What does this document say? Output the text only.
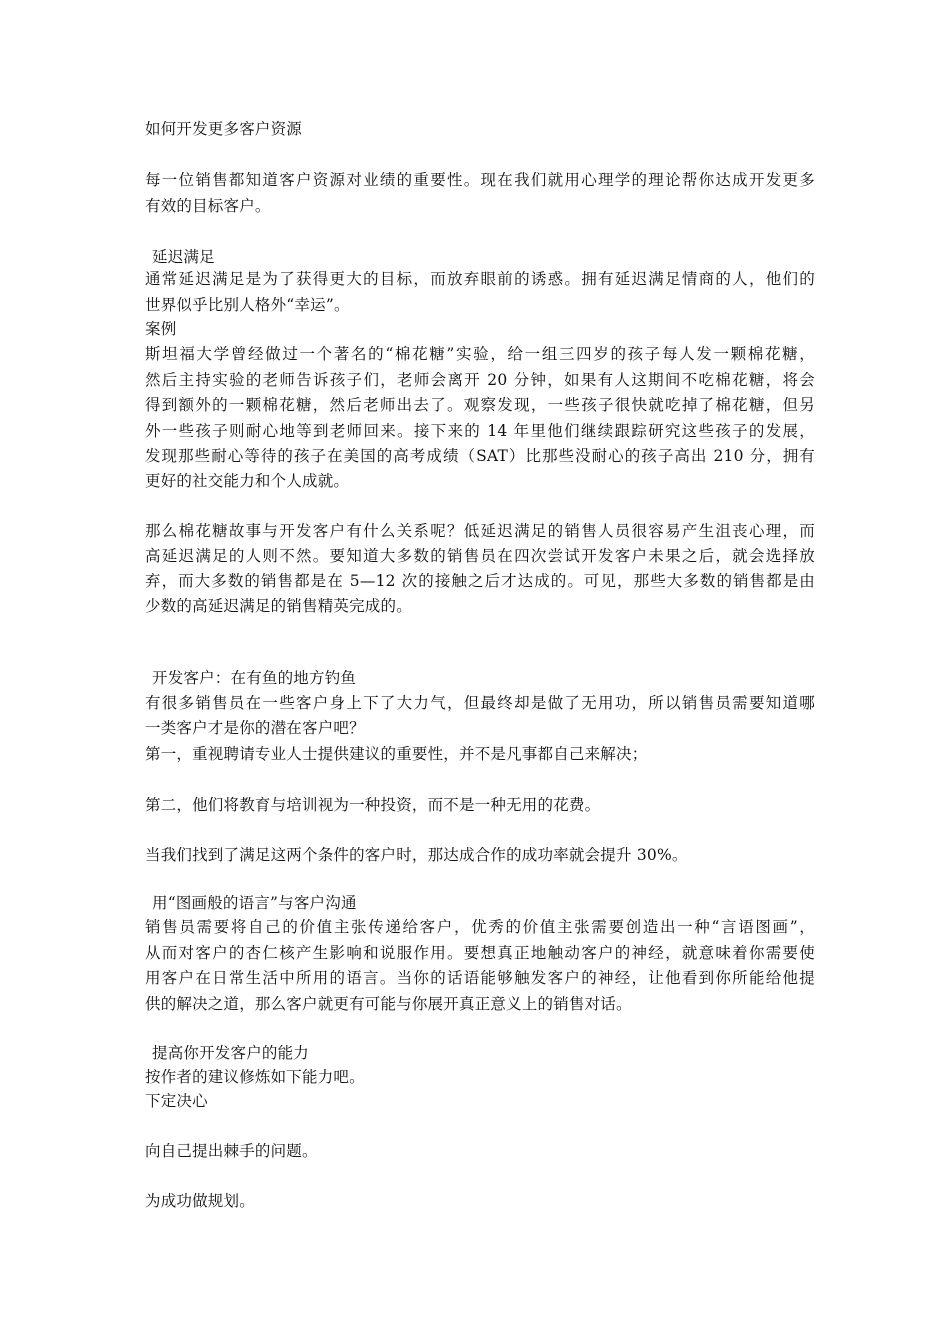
如何开发更多客户资源

每一位销售都知道客户资源对业绩的重要性。现在我们就用心理学的理论帮你达成开发更多

有效的目标客户。

延迟满足

通常延迟满足是为了获得更大的目标，而放弃眼前的诱惑。拥有延迟满足情商的人，他们的

世界似乎比别人格外“幸运”。

案例

斯坦福大学曾经做过一个著名的“棉花糖”实验，给一组三四岁的孩子每人发一颗棉花糖，

然后主持实验的老师告诉孩子们，老师会离开 20 分钟，如果有人这期间不吃棉花糖，将会

得到额外的一颗棉花糖，然后老师出去了。观察发现，一些孩子很快就吃掉了棉花糖，但另

外一些孩子则耐心地等到老师回来。接下来的 14 年里他们继续跟踪研究这些孩子的发展，

发现那些耐心等待的孩子在美国的高考成绩（SAT）比那些没耐心的孩子高出 210 分，拥有

更好的社交能力和个人成就。

那么棉花糖故事与开发客户有什么关系呢？低延迟满足的销售人员很容易产生沮丧心理，而

高延迟满足的人则不然。要知道大多数的销售员在四次尝试开发客户未果之后，就会选择放

弃，而大多数的销售都是在 5—12 次的接触之后才达成的。可见，那些大多数的销售都是由

少数的高延迟满足的销售精英完成的。

开发客户：在有鱼的地方钓鱼

有很多销售员在一些客户身上下了大力气，但最终却是做了无用功，所以销售员需要知道哪

一类客户才是你的潜在客户吧？

第一，重视聘请专业人士提供建议的重要性，并不是凡事都自己来解决；

第二，他们将教育与培训视为一种投资，而不是一种无用的花费。

当我们找到了满足这两个条件的客户时，那达成合作的成功率就会提升 30%。

用“图画般的语言”与客户沟通

销售员需要将自己的价值主张传递给客户，优秀的价值主张需要创造出一种“言语图画”，

从而对客户的杏仁核产生影响和说服作用。要想真正地触动客户的神经，就意味着你需要使

用客户在日常生活中所用的语言。当你的话语能够触发客户的神经，让他看到你所能给他提

供的解决之道，那么客户就更有可能与你展开真正意义上的销售对话。

提高你开发客户的能力

按作者的建议修炼如下能力吧。

下定决心

向自己提出棘手的问题。

为成功做规划。
